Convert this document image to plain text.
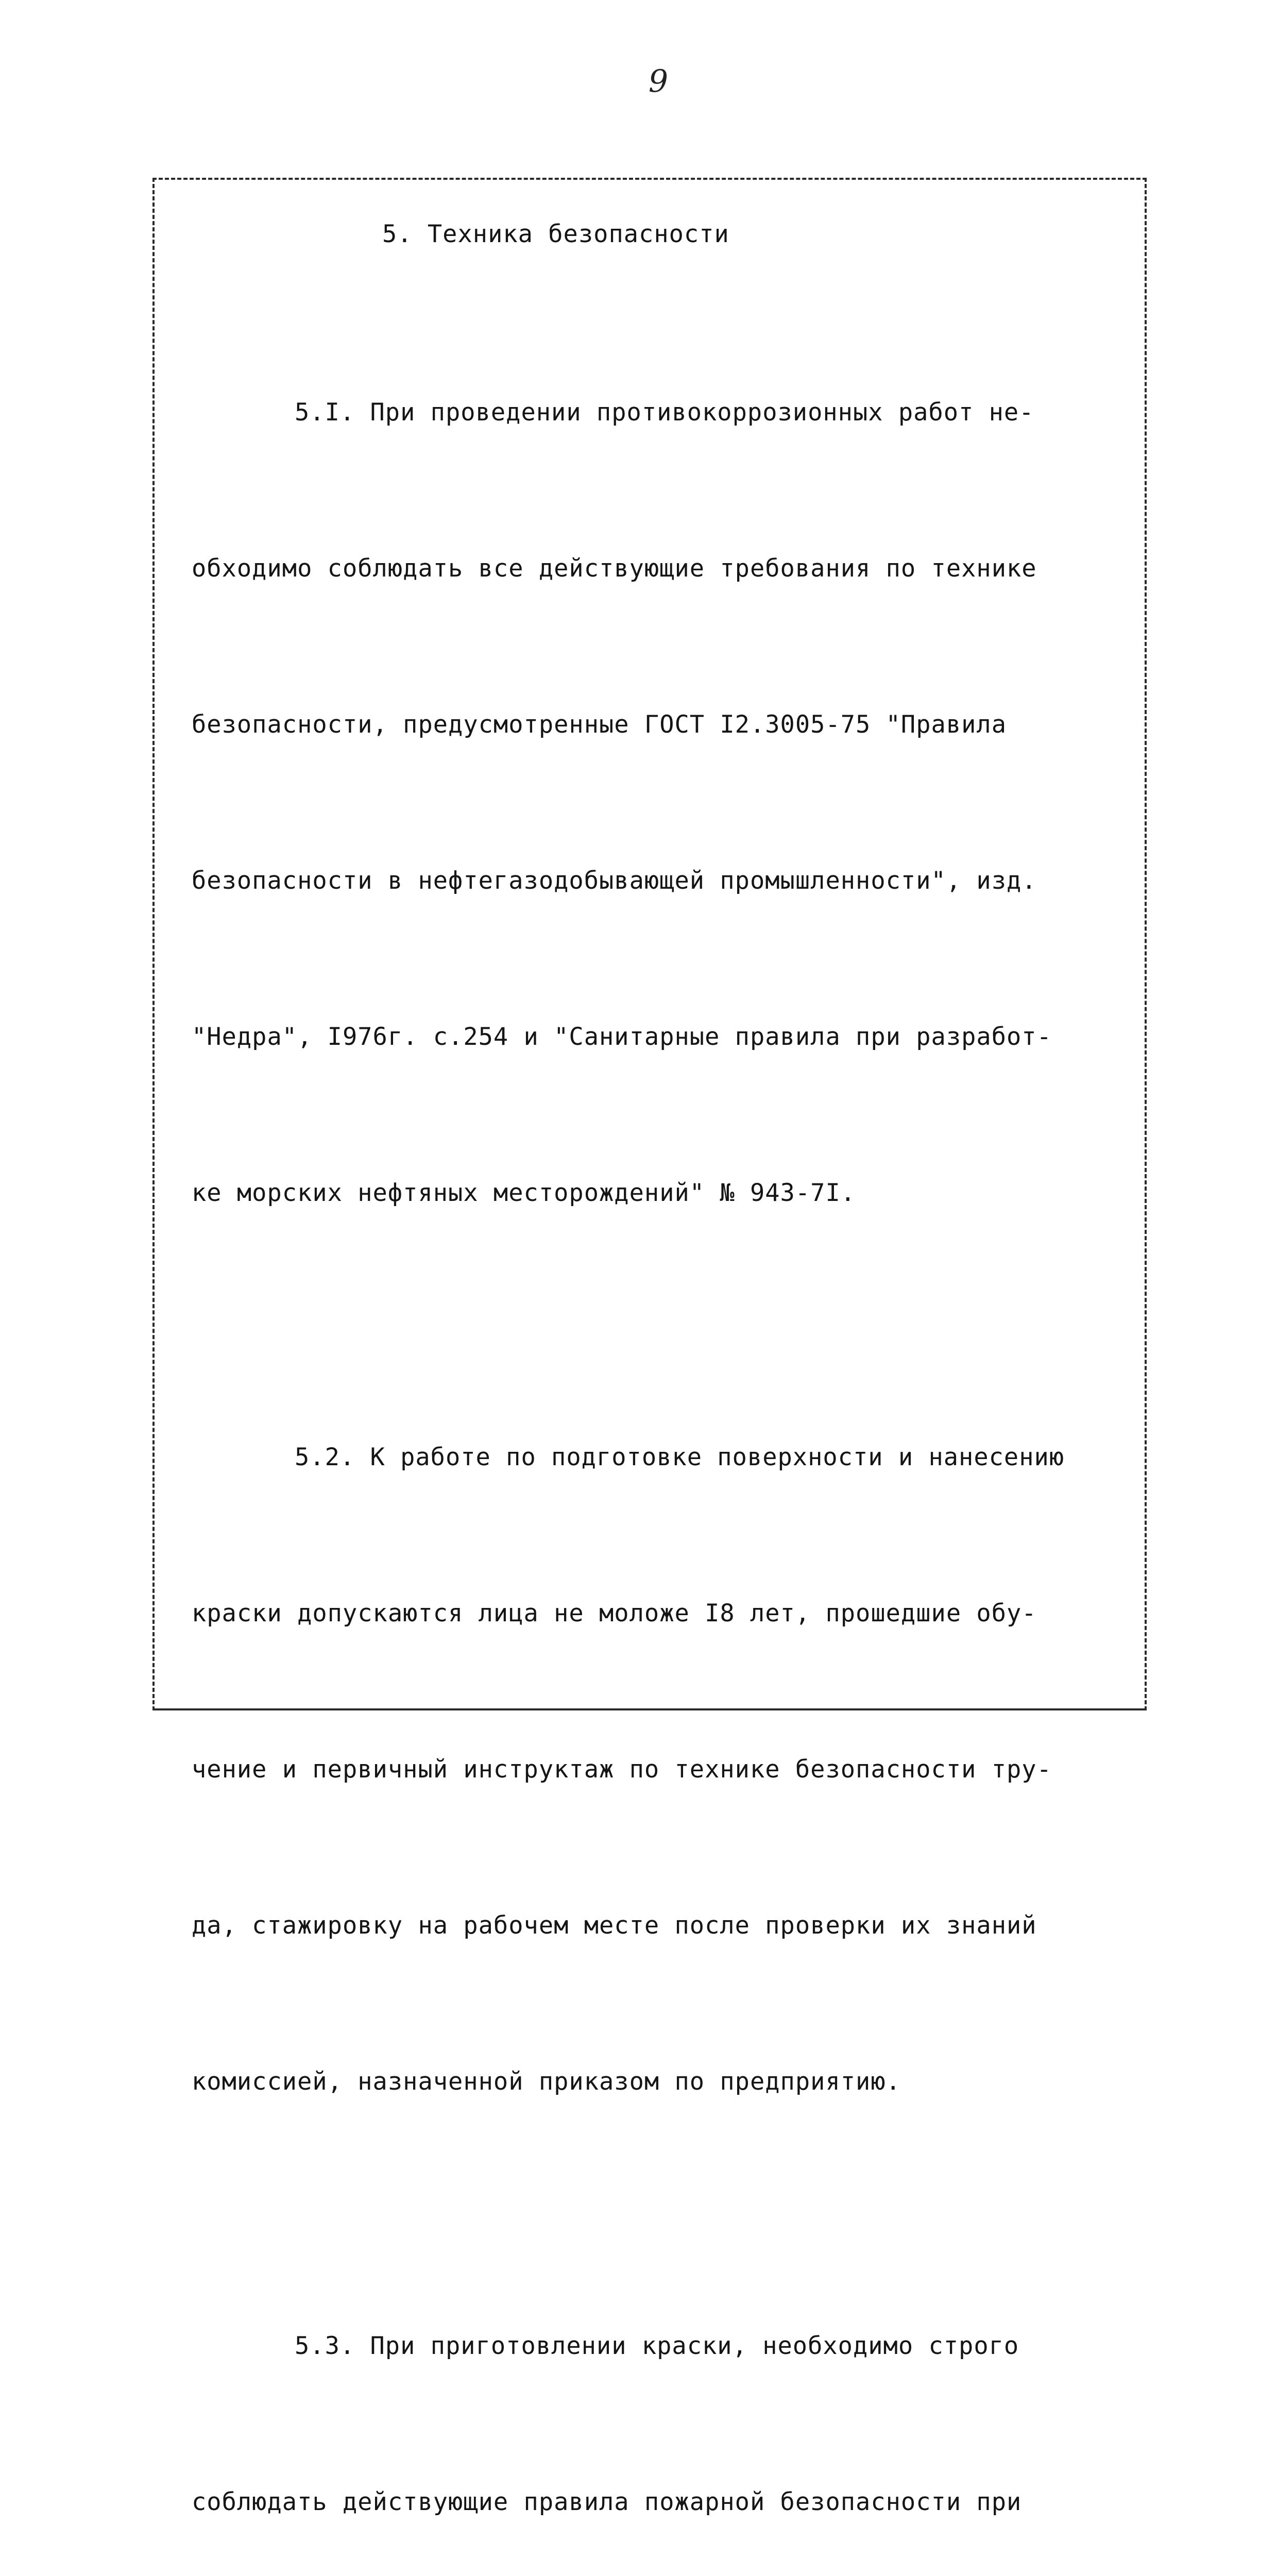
9
5. Техника безопасности

5.I. При проведении противокоррозионных работ не-

обходимо соблюдать все действующие требования по технике

безопасности, предусмотренные ГОСТ I2.3005-75 "Правила

безопасности в нефтегазодобывающей промышленности", изд.

"Недра", I976г. с.254 и "Санитарные правила при разработ-

ке морских нефтяных месторождений" № 943-7I.

5.2. К работе по подготовке поверхности и нанесению

краски допускаются лица не моложе I8 лет, прошедшие обу-

чение и первичный инструктаж по технике безопасности тру-

да, стажировку на рабочем месте после проверки их знаний

комиссией, назначенной приказом по предприятию.

5.3. При приготовлении краски, необходимо строго

соблюдать действующие правила пожарной безопасности при
